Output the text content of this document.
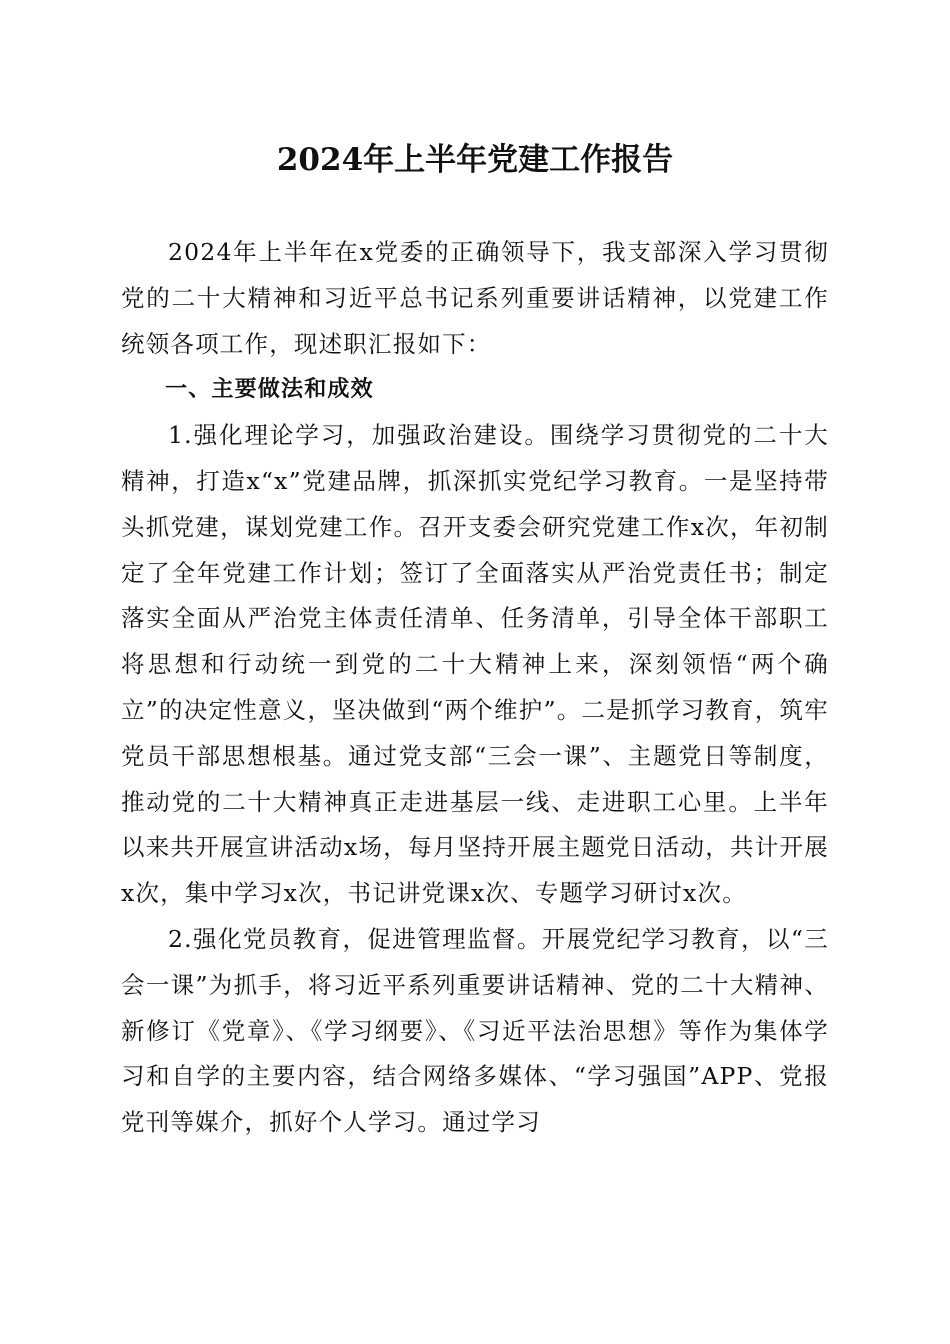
2024年上半年党建工作报告

2024年上半年在x党委的正确领导下，我支部深入学习贯彻党的二十大精神和习近平总书记系列重要讲话精神，以党建工作统领各项工作，现述职汇报如下：

一、主要做法和成效

1.强化理论学习，加强政治建设。围绕学习贯彻党的二十大精神，打造x“x”党建品牌，抓深抓实党纪学习教育。一是坚持带头抓党建，谋划党建工作。召开支委会研究党建工作x次，年初制定了全年党建工作计划；签订了全面落实从严治党责任书；制定落实全面从严治党主体责任清单、任务清单，引导全体干部职工将思想和行动统一到党的二十大精神上来，深刻领悟“两个确立”的决定性意义，坚决做到“两个维护”。二是抓学习教育，筑牢党员干部思想根基。通过党支部“三会一课”、主题党日等制度，推动党的二十大精神真正走进基层一线、走进职工心里。上半年以来共开展宣讲活动x场，每月坚持开展主题党日活动，共计开展x次，集中学习x次，书记讲党课x次、专题学习研讨x次。

2.强化党员教育，促进管理监督。开展党纪学习教育，以“三会一课”为抓手，将习近平系列重要讲话精神、党的二十大精神、新修订《党章》、《学习纲要》、《习近平法治思想》等作为集体学习和自学的主要内容，结合网络多媒体、“学习强国”APP、党报党刊等媒介，抓好个人学习。通过学习
